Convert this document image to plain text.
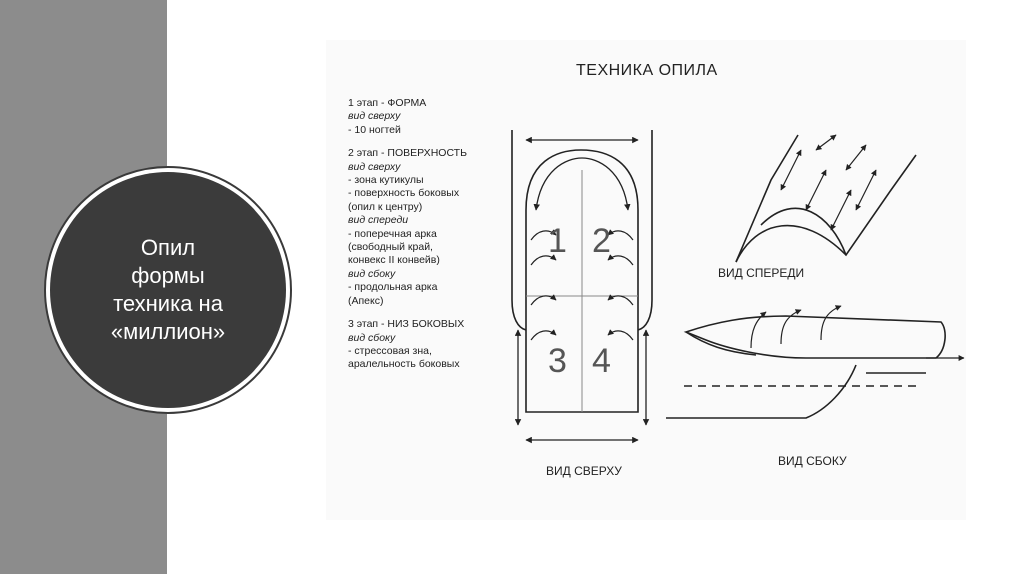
Опил
формы
техника на
«миллион»
ТЕХНИКА ОПИЛА
1 этап - ФОРМА
вид сверху
- 10 ногтей
2 этап - ПОВЕРХНОСТЬ
вид сверху
- зона кутикулы
- поверхность боковых
(опил к центру)
вид спереди
- поперечная арка
(свободный край,
конвекс II конвейв)
вид сбоку
- продольная арка
(Апекс)
3 этап - НИЗ БОКОВЫХ
вид сбоку
- стрессовая зна,
аралельность боковых
1 2
3 4
ВИД СВЕРХУ
ВИД СПЕРЕДИ
ВИД СБОКУ
